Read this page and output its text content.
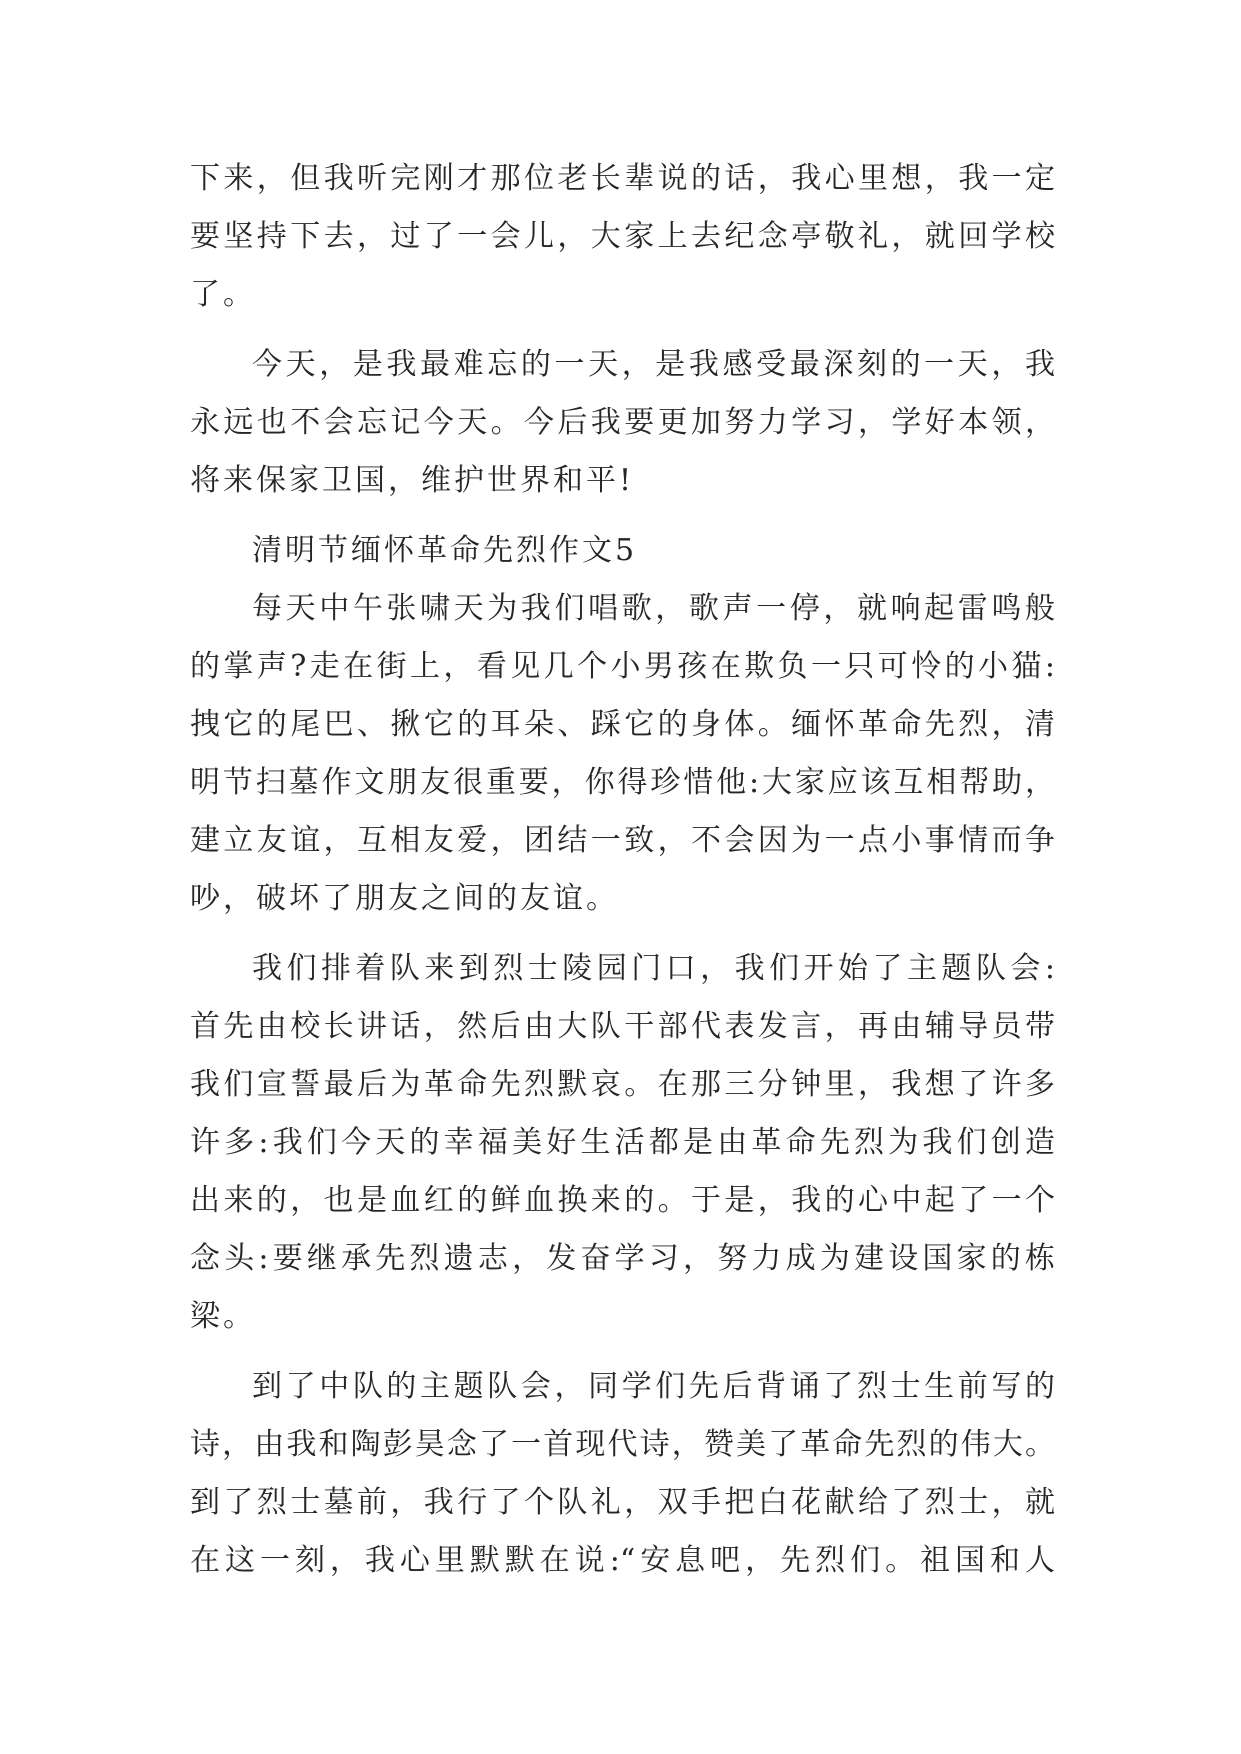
下来，但我听完刚才那位老长辈说的话，我心里想，我一定
要坚持下去，过了一会儿，大家上去纪念亭敬礼，就回学校
了。
今天，是我最难忘的一天，是我感受最深刻的一天，我
永远也不会忘记今天。今后我要更加努力学习，学好本领，
将来保家卫国，维护世界和平!
清明节缅怀革命先烈作文5
每天中午张啸天为我们唱歌，歌声一停，就响起雷鸣般
的掌声?走在街上，看见几个小男孩在欺负一只可怜的小猫:
拽它的尾巴、揪它的耳朵、踩它的身体。缅怀革命先烈，清
明节扫墓作文朋友很重要，你得珍惜他:大家应该互相帮助，
建立友谊，互相友爱，团结一致，不会因为一点小事情而争
吵，破坏了朋友之间的友谊。
我们排着队来到烈士陵园门口，我们开始了主题队会:
首先由校长讲话，然后由大队干部代表发言，再由辅导员带
我们宣誓最后为革命先烈默哀。在那三分钟里，我想了许多
许多:我们今天的幸福美好生活都是由革命先烈为我们创造
出来的，也是血红的鲜血换来的。于是，我的心中起了一个
念头:要继承先烈遗志，发奋学习，努力成为建设国家的栋
梁。
到了中队的主题队会，同学们先后背诵了烈士生前写的
诗，由我和陶彭昊念了一首现代诗，赞美了革命先烈的伟大。
到了烈士墓前，我行了个队礼，双手把白花献给了烈士，就
在这一刻，我心里默默在说:“安息吧，先烈们。祖国和人
